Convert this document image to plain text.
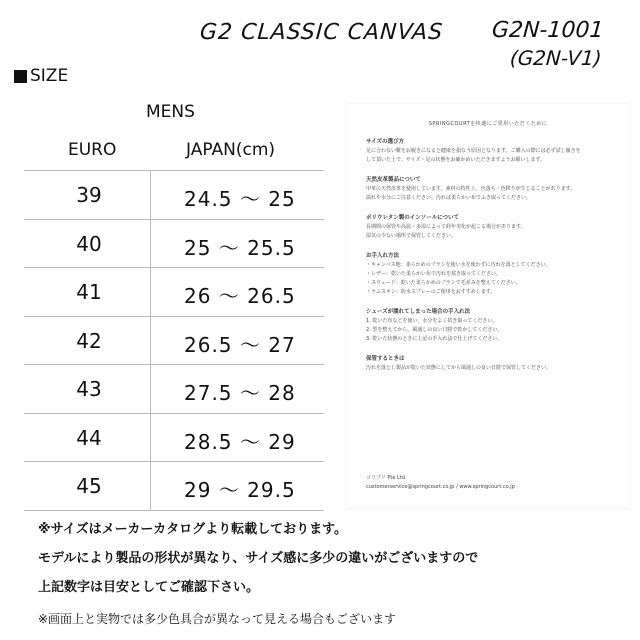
G2 CLASSIC CANVAS G2N-1001
(G2N-V1)
SIZE
MENS
EURO	JAPAN(cm)
39	24.5 ～ 25
40	25 ～ 25.5
41	26 ～ 26.5
42	26.5 ～ 27
43	27.5 ～ 28
44	28.5 ～ 29
45	29 ～ 29.5
SPRINGCOURTを快適にご愛用いただくために
サイズの選び方
足に合わない靴をお履きになると健康を損なう原因となります。ご購入の際には必ず試し履きを
して頂いた上で、サイズ・足の状態をお確かめいただきますようお願いします。
天然皮革製品について
甲革の天然皮革を使用しています。素材の特性上、色落ち・色移りが生じることがあります。
濡れや水分にご注意ください。汚れは柔らかい布でふき取ってください。
ポリウレタン製のインソールについて
長期間の保管や高温・多湿によって経年劣化が起こる場合があります。
湿気の少ない場所で保管してください。
お手入れ方法
・キャンバス地：柔らかめのブラシを使い水を使わずに汚れを落としてください。
・レザー：乾いた柔らかい布で汚れを拭き取ってください。
・スウェード：乾いた柔らかめのブラシで毛並みを整えてください。
・ラムスキン：防水スプレーのご使用をおすすめします。
シューズが濡れてしまった場合の手入れ法
1. 乾いた布などを使い、水分をよく拭き取ってください。
2. 型を整えてから、風通しの良い日陰で乾かしてください。
3. 乾いた状態のときに上記の手入れ法で仕上げてください。
保管するときは
汚れを落とし製品が乾いた状態にしてから風通しの良い日陰で保管してください。
コリプリ Pte Ltd.
customerservice@springcourt.co.jp / www.springcourt.co.jp
※サイズはメーカーカタログより転載しております。
モデルにより製品の形状が異なり、サイズ感に多少の違いがございますので
上記数字は目安としてご確認下さい。
※画面上と実物では多少色具合が異なって見える場合もございます
